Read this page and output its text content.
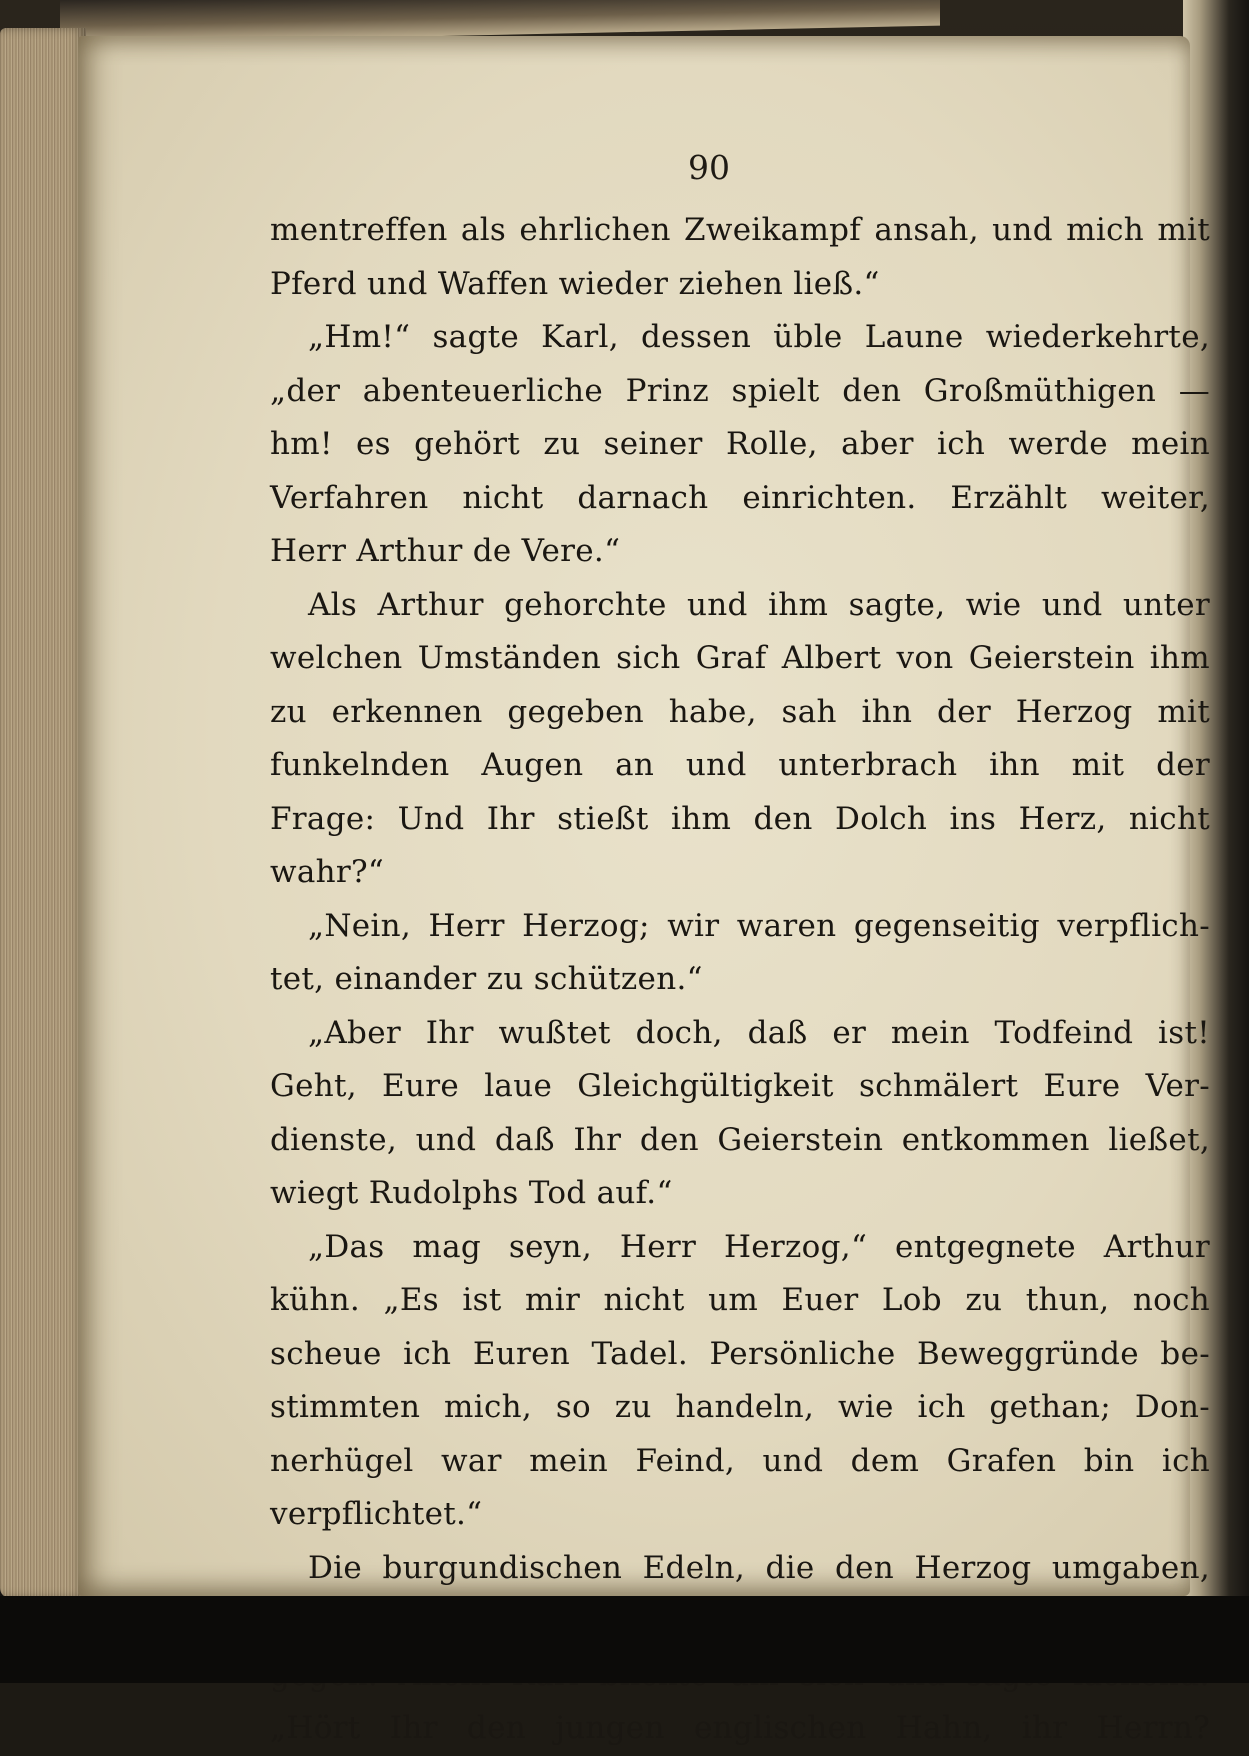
90
mentreffen als ehrlichen Zweikampf ansah, und mich mit
Pferd und Waffen wieder ziehen ließ.“
„Hm!“ sagte Karl, dessen üble Laune wiederkehrte,
„der abenteuerliche Prinz spielt den Großmüthigen —
hm! es gehört zu seiner Rolle, aber ich werde mein
Verfahren nicht darnach einrichten. Erzählt weiter,
Herr Arthur de Vere.“
Als Arthur gehorchte und ihm sagte, wie und unter
welchen Umständen sich Graf Albert von Geierstein ihm
zu erkennen gegeben habe, sah ihn der Herzog mit
funkelnden Augen an und unterbrach ihn mit der
Frage: Und Ihr stießt ihm den Dolch ins Herz, nicht
wahr?“
„Nein, Herr Herzog; wir waren gegenseitig verpflich-
tet, einander zu schützen.“
„Aber Ihr wußtet doch, daß er mein Todfeind ist!
Geht, Eure laue Gleichgültigkeit schmälert Eure Ver-
dienste, und daß Ihr den Geierstein entkommen ließet,
wiegt Rudolphs Tod auf.“
„Das mag seyn, Herr Herzog,“ entgegnete Arthur
kühn. „Es ist mir nicht um Euer Lob zu thun, noch
scheue ich Euren Tadel. Persönliche Beweggründe be-
stimmten mich, so zu handeln, wie ich gethan; Don-
nerhügel war mein Feind, und dem Grafen bin ich
verpflichtet.“
Die burgundischen Edeln, die den Herzog umgaben,
„Hört Ihr den jungen englischen Hahn, ihr Herrn?
